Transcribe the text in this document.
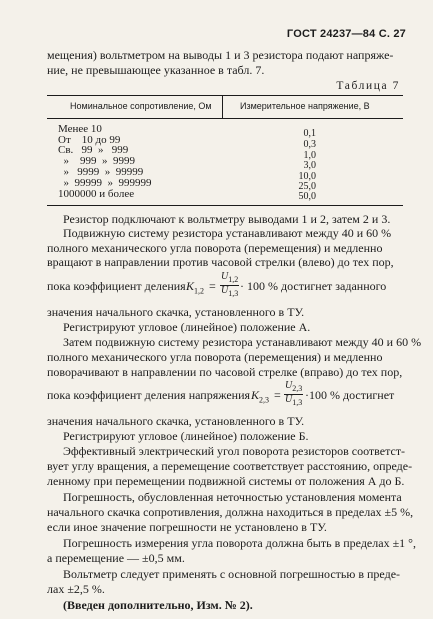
ГОСТ 24237—84 С. 27
мещения) вольтметром на выводы 1 и 3 резистора подают напряже-
ние, не превышающее указанное в табл. 7.
Таблица 7
Номинальное сопротивление, Ом	Измерительное напряжение, В
Менее 10	0,1
От    10 до 99	0,3
Св.   99  »   999	1,0
»    999  »  9999	3,0
»   9999  »  99999	10,0
»  99999  »  999999	25,0
1000000 и более	50,0
Резистор подключают к вольтметру выводами 1 и 2, затем 2 и 3.
Подвижную систему резистора устанавливают между 40 и 60 %
полного механического угла поворота (перемещения) и медленно
вращают в направлении против часовой стрелки (влево) до тех пор,
пока коэффициент деления $K_{1,2} = \frac{U_{1,2}}{U_{1,3}} \cdot 100$ % достигнет заданного
значения начального скачка, установленного в ТУ.
Регистрируют угловое (линейное) положение А.
Затем подвижную систему резистора устанавливают между 40 и 60 %
полного механического угла поворота (перемещения) и медленно
поворачивают в направлении по часовой стрелке (вправо) до тех пор,
пока коэффициент деления напряжения $K_{2,3} = \frac{U_{2,3}}{U_{1,3}} \cdot 100$ % достигнет
значения начального скачка, установленного в ТУ.
Регистрируют угловое (линейное) положение Б.
Эффективный электрический угол поворота резисторов соответст-
вует углу вращения, а перемещение соответствует расстоянию, опреде-
ленному при перемещении подвижной системы от положения А до Б.
Погрешность, обусловленная неточностью установления момента
начального скачка сопротивления, должна находиться в пределах ±5 %,
если иное значение погрешности не установлено в ТУ.
Погрешность измерения угла поворота должна быть в пределах ±1 °,
а перемещение — ±0,5 мм.
Вольтметр следует применять с основной погрешностью в преде-
лах ±2,5 %.
(Введен дополнительно, Изм. № 2).
